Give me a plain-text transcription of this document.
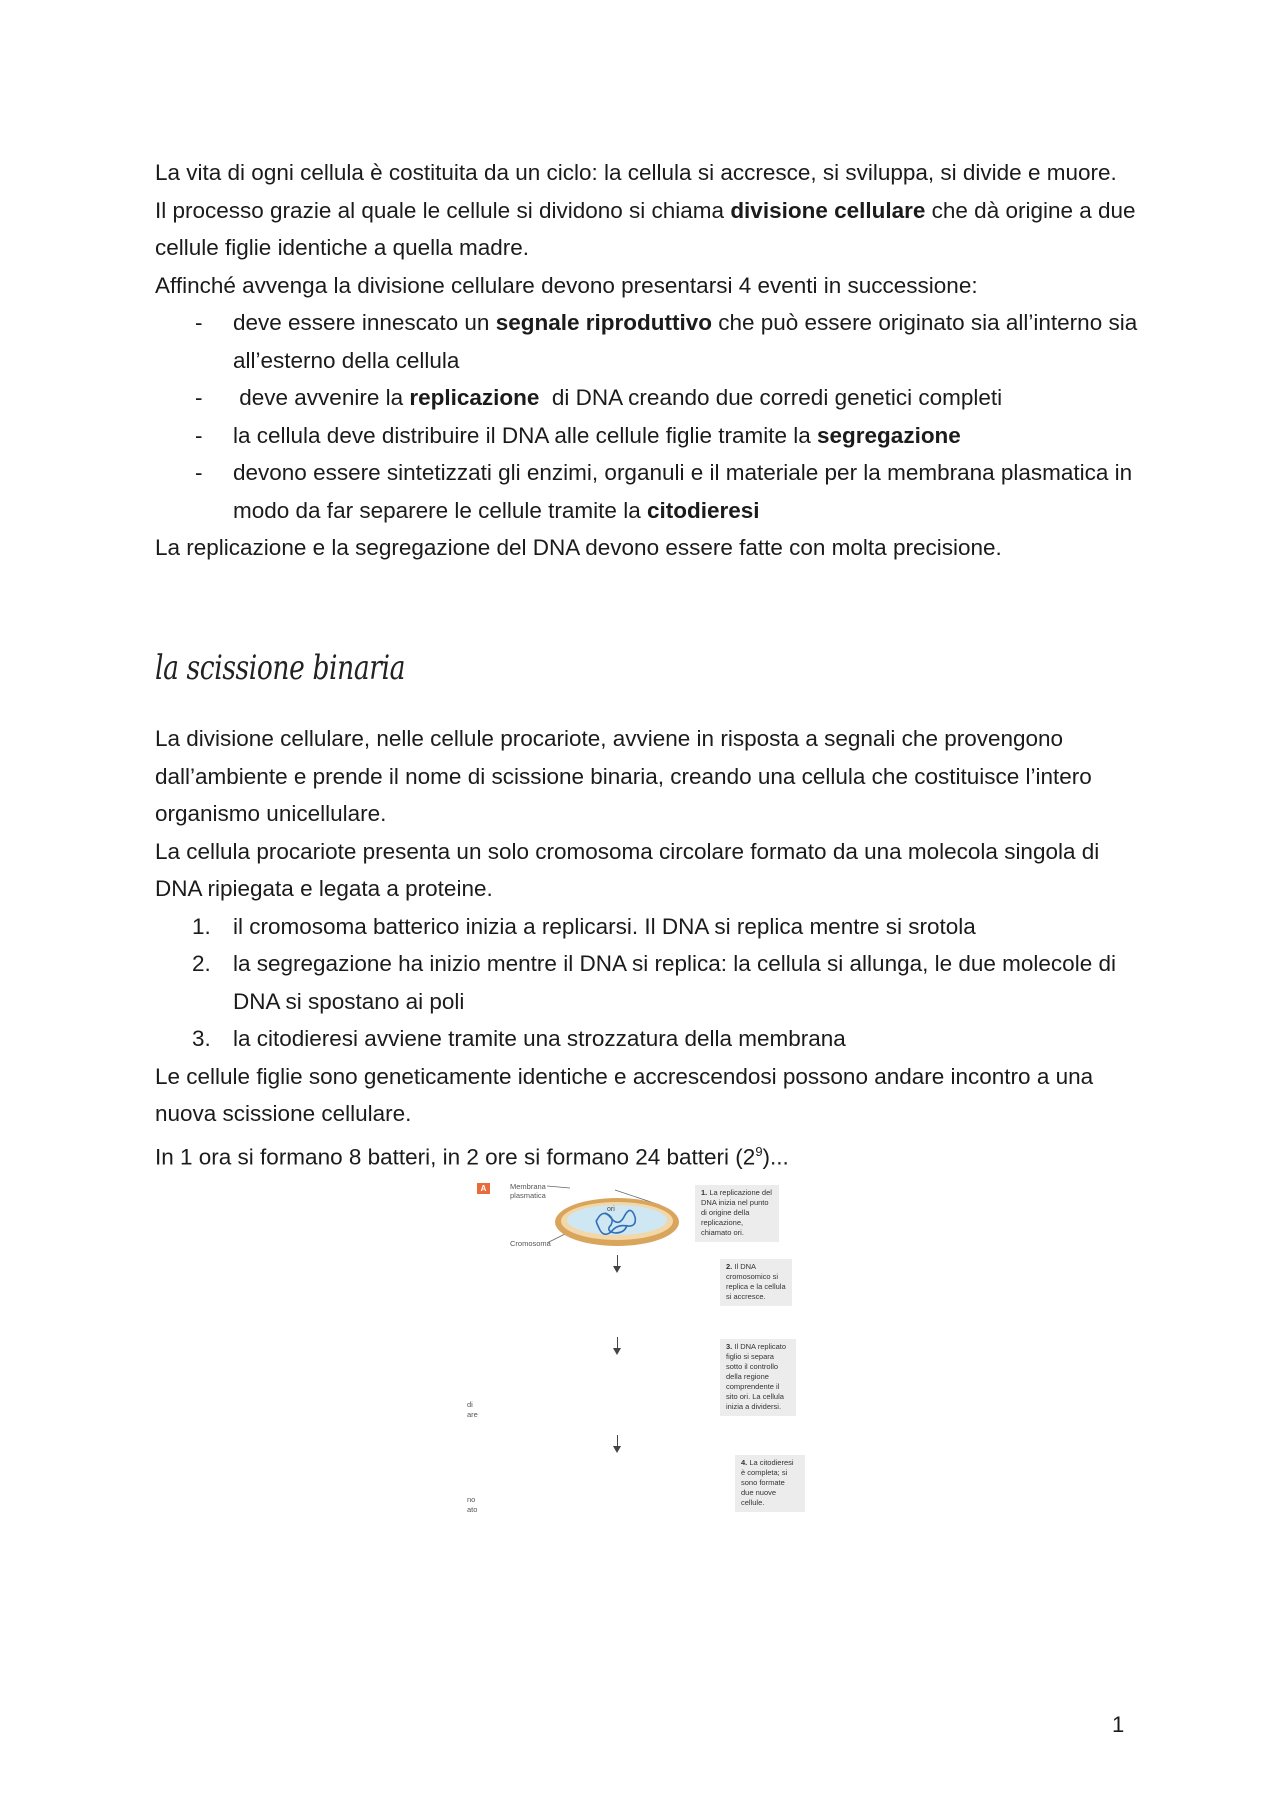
La vita di ogni cellula è costituita da un ciclo: la cellula si accresce, si sviluppa, si divide e muore.

Il processo grazie al quale le cellule si dividono si chiama divisione cellulare che dà origine a due cellule figlie identiche a quella madre.

Affinché avvenga la divisione cellulare devono presentarsi 4 eventi in successione:

- deve essere innescato un segnale riproduttivo che può essere originato sia all’interno sia all’esterno della cellula
- deve avvenire la replicazione  di DNA creando due corredi genetici completi
- la cellula deve distribuire il DNA alle cellule figlie tramite la segregazione
- devono essere sintetizzati gli enzimi, organuli e il materiale per la membrana plasmatica in modo da far separere le cellule tramite la citodieresi

La replicazione e la segregazione del DNA devono essere fatte con molta precisione.

la scissione binaria

La divisione cellulare, nelle cellule procariote, avviene in risposta a segnali che provengono dall’ambiente e prende il nome di scissione binaria, creando una cellula che costituisce l’intero organismo unicellulare.

La cellula procariote presenta un solo cromosoma circolare formato da una molecola singola di DNA ripiegata e legata a proteine.

1. il cromosoma batterico inizia a replicarsi. Il DNA si replica mentre si srotola
2. la segregazione ha inizio mentre il DNA si replica: la cellula si allunga, le due molecole di DNA si spostano ai poli
3. la citodieresi avviene tramite una strozzatura della membrana

Le cellule figlie sono geneticamente identiche e accrescendosi possono andare incontro a una nuova scissione cellulare.

In 1 ora si formano 8 batteri, in 2 ore si formano 24 batteri $(2^9)$...

A	Membrana
plasmatica
Cromosoma
di
are
no
ato
ori
1. La replicazione del DNA inizia nel punto di origine della replicazione, chiamato ori.
2. Il DNA cromosomico si replica e la cellula si accresce.
3. Il DNA replicato figlio si separa sotto il controllo della regione comprendente il sito ori. La cellula inizia a dividersi.
4. La citodieresi è completa; si sono formate due nuove cellule.
1
